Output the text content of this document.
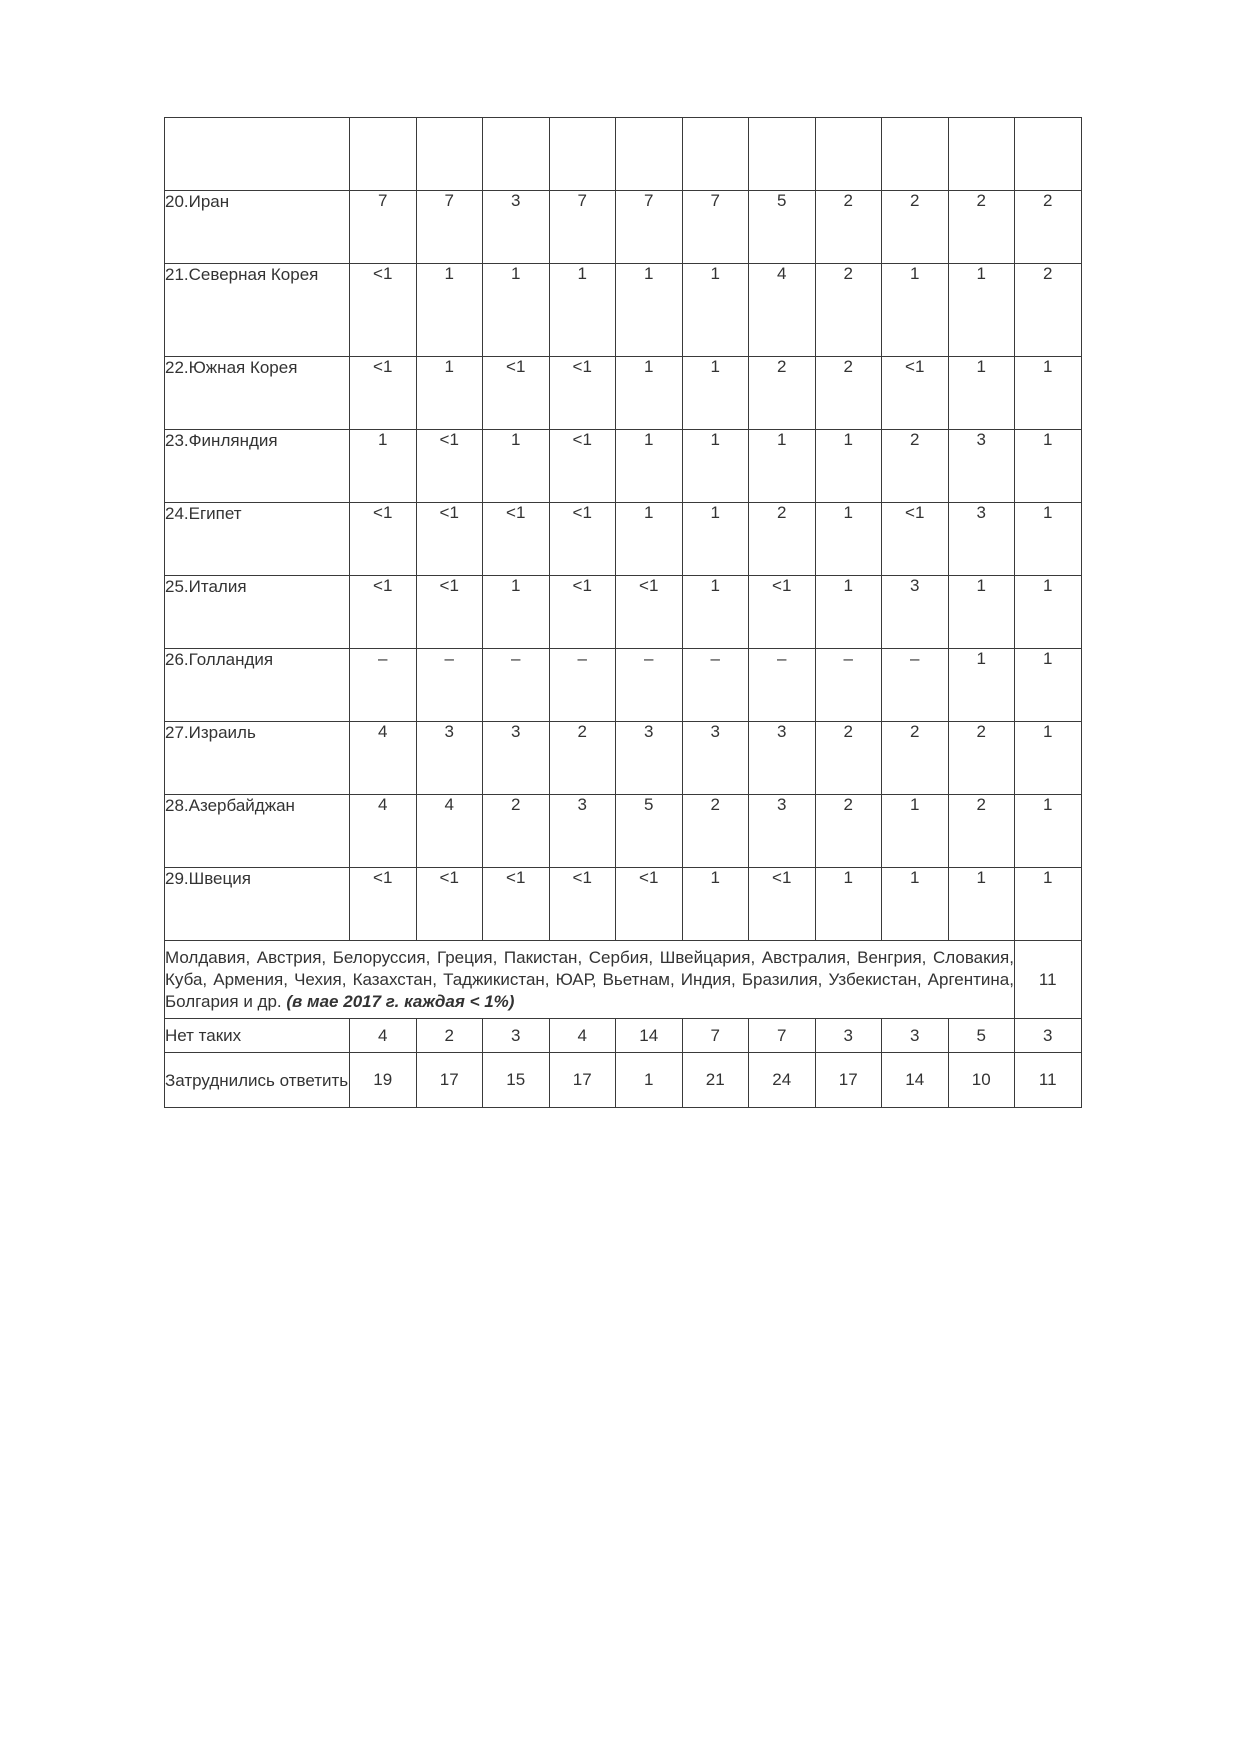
20.Иран	7	7	3	7	7	7	5	2	2	2	2
21.Северная Корея	<1	1	1	1	1	1	4	2	1	1	2
22.Южная Корея	<1	1	<1	<1	1	1	2	2	<1	1	1
23.Финляндия	1	<1	1	<1	1	1	1	1	2	3	1
24.Египет	<1	<1	<1	<1	1	1	2	1	<1	3	1
25.Италия	<1	<1	1	<1	<1	1	<1	1	3	1	1
26.Голландия	–	–	–	–	–	–	–	–	–	1	1
27.Израиль	4	3	3	2	3	3	3	2	2	2	1
28.Азербайджан	4	4	2	3	5	2	3	2	1	2	1
29.Швеция	<1	<1	<1	<1	<1	1	<1	1	1	1	1
Молдавия, Австрия, Белоруссия, Греция, Пакистан, Сербия, Швейцария, Австралия, Венгрия, Словакия, Куба, Армения, Чехия, Казахстан, Таджикистан, ЮАР, Вьетнам, Индия, Бразилия, Узбекистан, Аргентина, Болгария и др. (в мае 2017 г. каждая < 1%)											11
Нет таких	4	2	3	4	14	7	7	3	3	5	3
Затруднились ответить	19	17	15	17	1	21	24	17	14	10	11
